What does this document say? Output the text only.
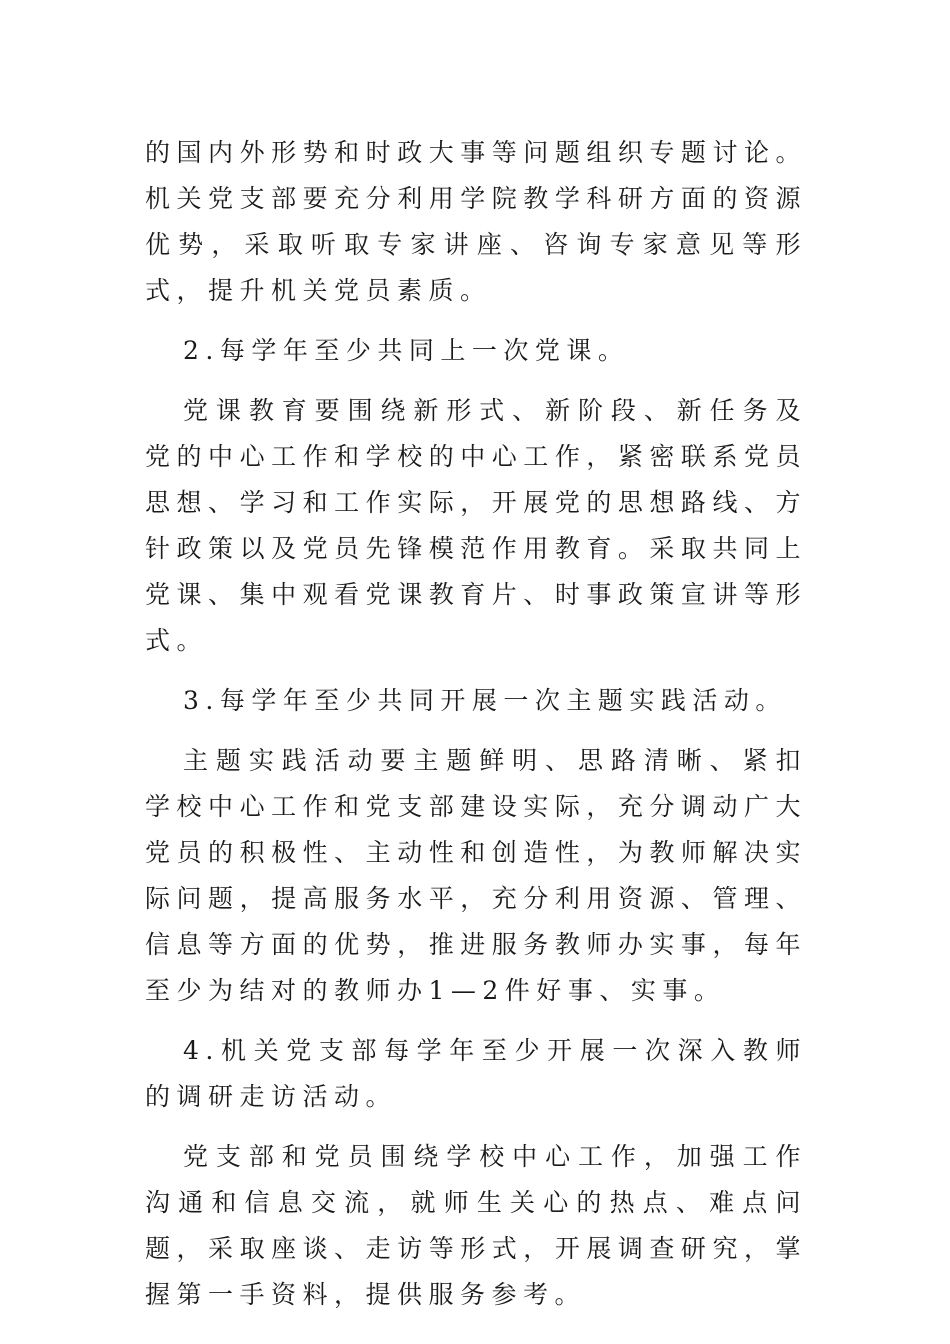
的国内外形势和时政大事等问题组织专题讨论。机关党支部要充分利用学院教学科研方面的资源优势，采取听取专家讲座、咨询专家意见等形式，提升机关党员素质。

2.每学年至少共同上一次党课。

党课教育要围绕新形式、新阶段、新任务及党的中心工作和学校的中心工作，紧密联系党员思想、学习和工作实际，开展党的思想路线、方针政策以及党员先锋模范作用教育。采取共同上党课、集中观看党课教育片、时事政策宣讲等形式。

3.每学年至少共同开展一次主题实践活动。

主题实践活动要主题鲜明、思路清晰、紧扣学校中心工作和党支部建设实际，充分调动广大党员的积极性、主动性和创造性，为教师解决实际问题，提高服务水平，充分利用资源、管理、信息等方面的优势，推进服务教师办实事，每年至少为结对的教师办1—2件好事、实事。

4.机关党支部每学年至少开展一次深入教师的调研走访活动。

党支部和党员围绕学校中心工作，加强工作沟通和信息交流，就师生关心的热点、难点问题，采取座谈、走访等形式，开展调查研究，掌握第一手资料，提供服务参考。
